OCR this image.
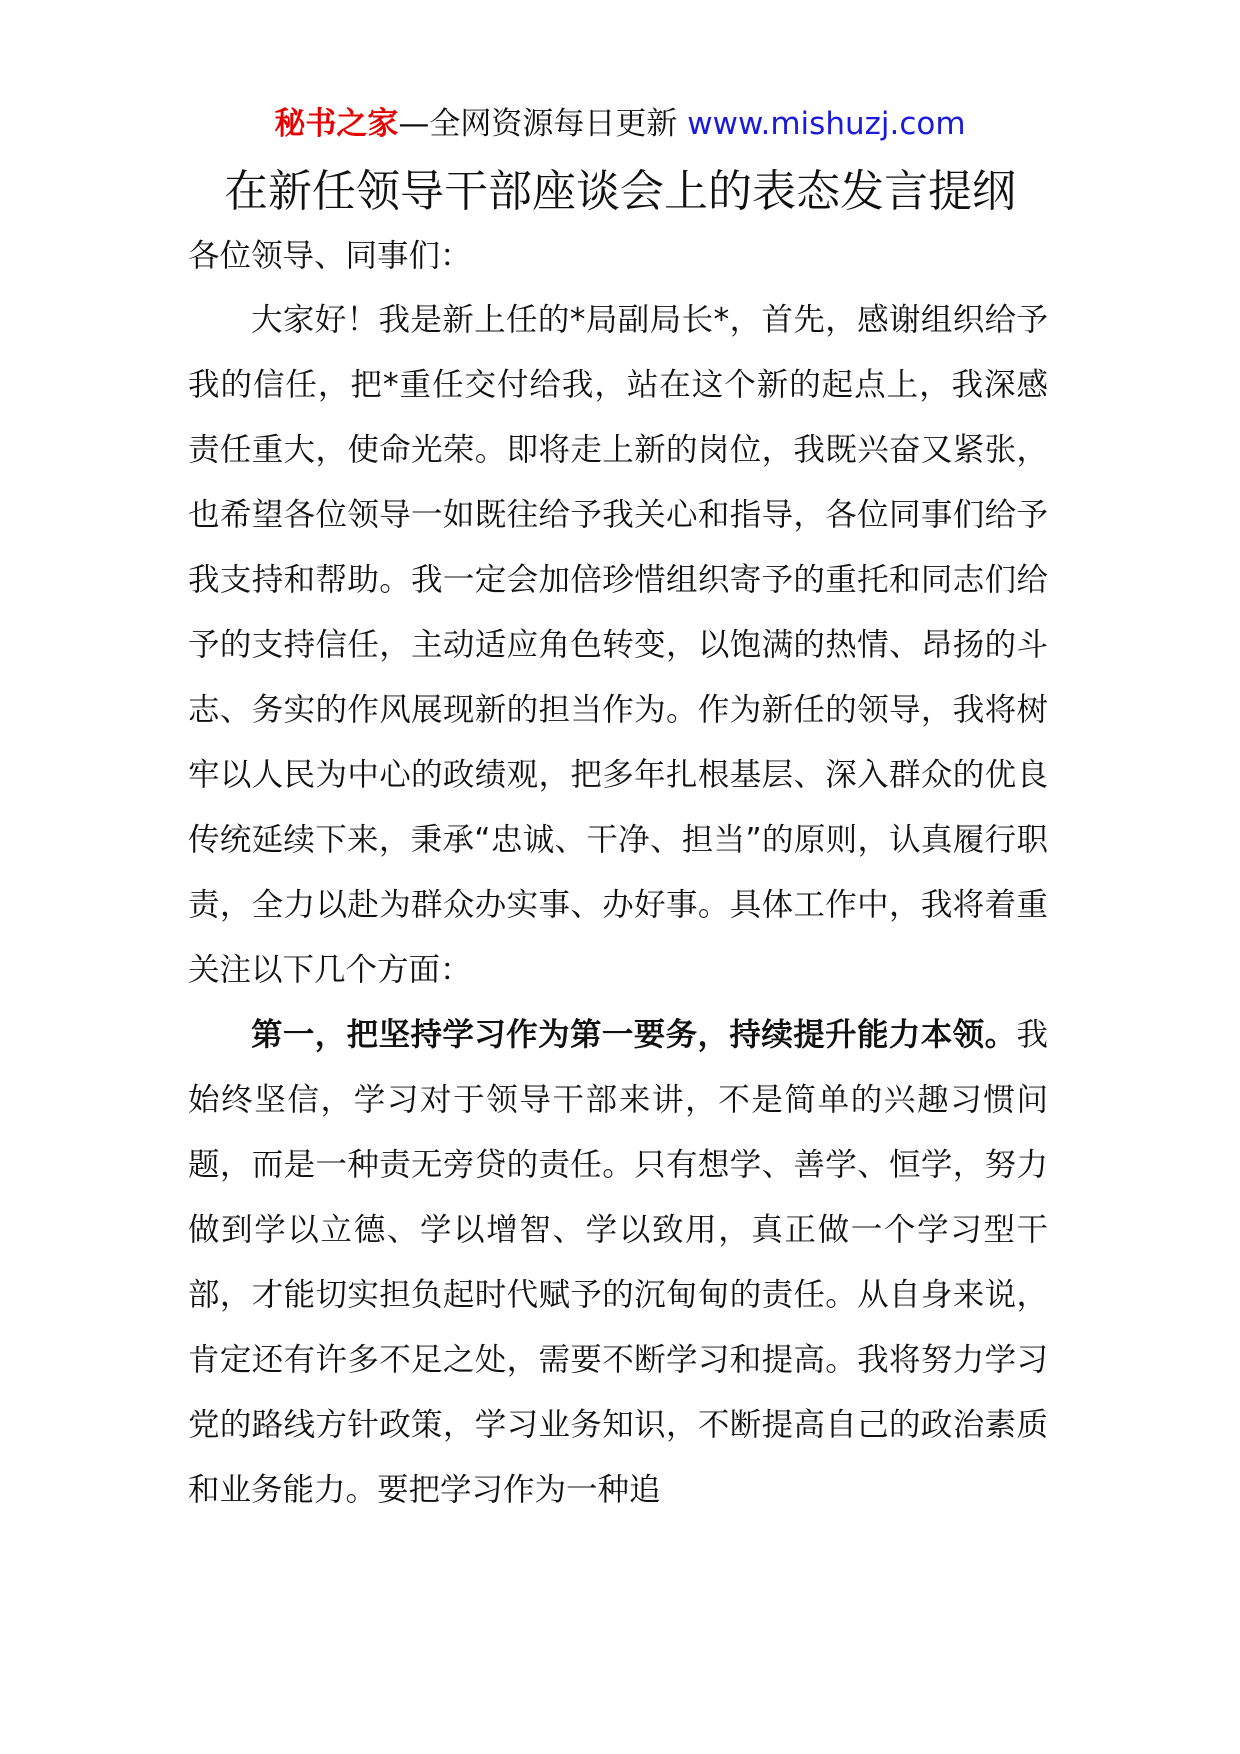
秘书之家—全网资源每日更新 www.mishuzj.com
在新任领导干部座谈会上的表态发言提纲

各位领导、同事们：

大家好！我是新上任的*局副局长*，首先，感谢组织给予我的信任，把*重任交付给我，站在这个新的起点上，我深感责任重大，使命光荣。即将走上新的岗位，我既兴奋又紧张，也希望各位领导一如既往给予我关心和指导，各位同事们给予我支持和帮助。我一定会加倍珍惜组织寄予的重托和同志们给予的支持信任，主动适应角色转变，以饱满的热情、昂扬的斗志、务实的作风展现新的担当作为。作为新任的领导，我将树牢以人民为中心的政绩观，把多年扎根基层、深入群众的优良传统延续下来，秉承“忠诚、干净、担当”的原则，认真履行职责，全力以赴为群众办实事、办好事。具体工作中，我将着重关注以下几个方面：

第一，把坚持学习作为第一要务，持续提升能力本领。我始终坚信，学习对于领导干部来讲，不是简单的兴趣习惯问题，而是一种责无旁贷的责任。只有想学、善学、恒学，努力做到学以立德、学以增智、学以致用，真正做一个学习型干部，才能切实担负起时代赋予的沉甸甸的责任。从自身来说，肯定还有许多不足之处，需要不断学习和提高。我将努力学习党的路线方针政策，学习业务知识，不断提高自己的政治素质和业务能力。要把学习作为一种追
